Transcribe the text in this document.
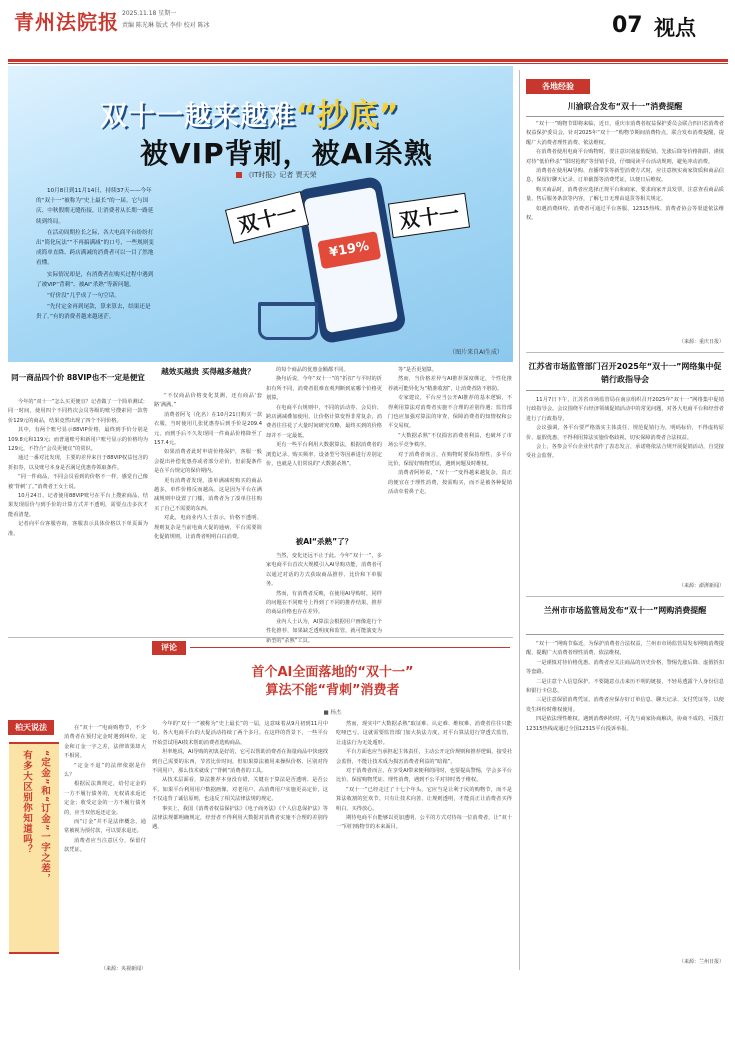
青州法院报 2025.11.18 星期一
责编 陈光琳 版式 李仲 校对 陈冰	07 视点
双十一越来越难“抄底”
被VIP背刺，被AI杀熟
《IT时报》记者 贾天荣

10月8日到11月14日，持续37天——今年的“双十一”被称为“史上最长”的一届。它与国庆、中秋假期无缝衔接，让消费者从长期一路延续到终局。

在活动周期拉长之际，各大电商平台纷纷打出“简化玩法”“不再搞满减”的口号，一些规则变成简单直降、跨店满减的消费者可以一目了然地看懂。

实际情况却是，有消费者在购买过程中遇到了被VIP“背刺”、被AI“杀熟”等新问题。

“好价没”几乎成了一句空话。

“先付定金再到尾款，算来算去，结果还是贵了。”有的消费者越来越迷茫。

¥19%
双十一	双十一
（图片来自AI生成）
同一商品四个价 88VIP也不一定是便宜

今年的“双十一”怎么买更便宜？记者做了一个简单测试：同一时间，使用四个不同档次会员等级的账号搜索同一款售价129元的商品，结果竟然出现了四个不同价格。

其中，有两个账号显示88VIP价格，最终到手价分别是109.8元和119元；而普通账号和新用户账号显示的价格均为129元，不符合“会员更便宜”的常识。

通过一番对比发现，主要的差异来自于88VIP权益包含的折扣券，以及账号本身是否满足优惠券领取条件。

“同一件商品，不同会员看到的价格不一样，感觉自己像被‘背刺’了。”消费者王女士说。

10月24日，记者使用88VIP账号在平台上搜索商品，结果发现原价与到手价的计算方式并不透明，需要点击多次才能看清楚。

记者向平台客服咨询，客服表示具体价格以下单页面为准。

越效买越贵 买得越多越贵？

“不仅商品价格变化莫测，还有商品‘套路’满满。”

消费者阿飞（化名）在10月21日购买一款衣服，当时使用几张优惠券后到手价是209.4元，而到手后不久发现同一件商品价格降至了157.4元。

如果消费者此时申请价格保护，客服一般会提出补偿优惠券或者部分差价，但前提条件是在平台规定的保价期内。

更有消费者发现，凑单满减时购买的商品越多，单件价格反而越高。这是因为平台在满减规则中设置了门槛，消费者为了凑单往往购买了自己不需要的东西。

对此，电商业内人士表示，价格不透明、规则复杂是当前电商大促的通病，平台需要简化促销规则，让消费者明明白白消费。

的每个商品的优惠金额都不同。

换句话说，今年“双十一”的“折扣”与平时的折扣有所不同，消费者很难直观判断到底哪个价格更划算。

在电商平台规则中，不同的活动券、会员价、跨店满减叠加使用，让价格计算变得非常复杂，消费者往往花了大量时间研究攻略，最终买到的价格却并不一定最低。

更有一些平台利用大数据算法，根据消费者的浏览记录、购买频率、设备型号等因素进行差别定价，也就是人们常说的“大数据杀熟”。

被AI“杀熟”了？

当然，变化还远不止于此。今年“双十一”，多家电商平台首次大规模引入AI导购功能，消费者可以通过对话的方式获取商品推荐、比价和下单服务。

然而，有消费者反映，在使用AI导购时，同样的问题在不同账号上得到了不同的推荐结果，推荐的商品价格也存在差异。

业内人士认为，AI算法会根据用户画像进行个性化推荐，如果缺乏透明度和监管，就可能演变为新型的“杀熟”工具。

等”是否更划算。

然而，当价格差异与AI推荐深度绑定，个性化推荐就可能异化为“精准收割”，让消费者防不胜防。

专家建议，平台应当公开AI推荐的基本逻辑，不得利用算法对消费者实施不合理的差别待遇；监管部门也应加强对算法的审查，保障消费者的知情权和公平交易权。

“大数据杀熟”不仅损害消费者利益，也破坏了市场公平竞争秩序。

对于消费者而言，在购物时要保持理性，多平台比价，保留好购物凭证，遇到问题及时维权。

消费者阿婷说，“双十一”变得越来越复杂，真正的便宜在于理性消费，按需购买，而不是被各种促销活动牵着鼻子走。

柏天说法
“定金”和“订金”一字之差，
有多大区别你知道吗？

在“双十一”电商购物节，不少消费者在预付定金时遇到纠纷，定金和订金一字之差，法律效果却大不相同。

“定金不退”的法律依据是什么？

根据民法典规定，给付定金的一方不履行债务的，无权请求返还定金；收受定金的一方不履行债务的，应当双倍返还定金。

而“订金”并不是法律概念，通常被视为预付款，可以要求退还。

消费者应当注意区分，保留付款凭证。

（来源：央视新闻）
评论
首个AI全面落地的“双十一”
算法不能“背刺”消费者
■ 杨杰

今年的“双十一”被称为“史上最长”的一届，这意味着从9月初到11月中旬，各大电商平台的大促活动持续了两个多月。在这样的背景下，一些平台开始尝试用AI技术帮助消费者选购商品。

坦率地说，AI导购的初衷是好的，它可以帮助消费者在海量商品中快速找到自己需要的东西，节省比价时间。但如果算法被用来操纵价格、区别对待不同用户，那么技术就成了“背刺”消费者的工具。

从技术层面看，算法推荐本身没有错，关键在于算法是否透明、是否公平。如果平台利用用户数据画像，对老用户、高消费用户实施更高定价，这不仅违背了诚信原则，也违反了相关法律法规的规定。

事实上，我国《消费者权益保护法》《电子商务法》《个人信息保护法》等法律法规都明确规定，经营者不得利用大数据对消费者实施不合理的差别待遇。

然而，现实中“大数据杀熟”取证难、认定难、维权难，消费者往往只能吃哑巴亏。这就需要监管部门加大执法力度，对平台算法进行穿透式监管，让违法行为无处遁形。

平台方面也应当承担起主体责任，主动公开定价规则和推荐逻辑，接受社会监督，不能让技术成为损害消费者利益的“暗箱”。

对于消费者而言，在享受AI带来便利的同时，也要提高警惕，学会多平台比价、保留购物凭证、理性消费，遇到不公平对待时勇于维权。

“双十一”已经走过了十七个年头，它应当是让利于民的购物节，而不是算法收割的狂欢节。只有让技术向善、让规则透明，才能真正让消费者买得明白、买得放心。

期待电商平台能够以更加透明、公平的方式对待每一位消费者，让“双十一”回归购物节的本来面目。

各地经验
川渝联合发布“双十一”消费提醒

“双十一”购物节即将来临，近日，重庆市消费者权益保护委员会联合四川省消费者权益保护委员会，针对2025年“双十一”购物节期间消费特点，联合发布消费提醒，提醒广大消费者理性消费、依法维权。

在消费者使用电商平台购物时，要注意识别虚假促销、先涨后降等价格陷阱，谨慎对待“低价秒杀”“限时抢购”等营销手段，仔细阅读平台活动规则，避免冲动消费。

消费者在使用AI导购、直播带货等新型消费方式时，应注意核实商家资质和商品信息，保留好聊天记录、订单截图等消费凭证，以便日后维权。

购买商品时，消费者应选择正规平台和商家，要求商家开具发票，注意查看商品质量、售后服务条款等内容，了解七日无理由退货等相关规定。

如遇消费纠纷，消费者可通过平台客服、12315热线、消费者协会等渠道依法维权。

（来源：重庆日报）
江苏省市场监管部门召开2025年“双十一”网络集中促销行政指导会

11月7日下午，江苏省市场监管局在南京组织召开2025年“双十一”网络集中促销行政指导会。会议围绕平台经济领域促销活动中的常见问题，对各大电商平台和经营者进行了行政指导。

会议强调，各平台要严格落实主体责任，规范促销行为，明码标价，不得虚构原价、虚假优惠，不得利用算法实施价格歧视，切实保障消费者合法权益。

会上，各参会平台企业代表作了表态发言，承诺将依法合规开展促销活动，自觉接受社会监督。

（来源：澎湃新闻）
兰州市市场监管局发布“双十一”网购消费提醒

“双十一”网购节临近，为保护消费者合法权益，兰州市市场监管局发布网购消费提醒，提醒广大消费者理性消费、依法维权。

一是谨慎对待价格优惠。消费者应关注商品的历史价格，警惕先涨后降、虚假折扣等套路。

二是注意个人信息保护。不要随意点击来历不明的链接，不轻易透露个人身份信息和银行卡信息。

三是注意保留消费凭证。消费者应保存好订单信息、聊天记录、支付凭证等，以便发生纠纷时维权使用。

四是依法理性维权。遇到消费纠纷时，可先与商家协商解决，协商不成的，可拨打12315热线或通过全国12315平台投诉举报。

（来源：兰州日报）
